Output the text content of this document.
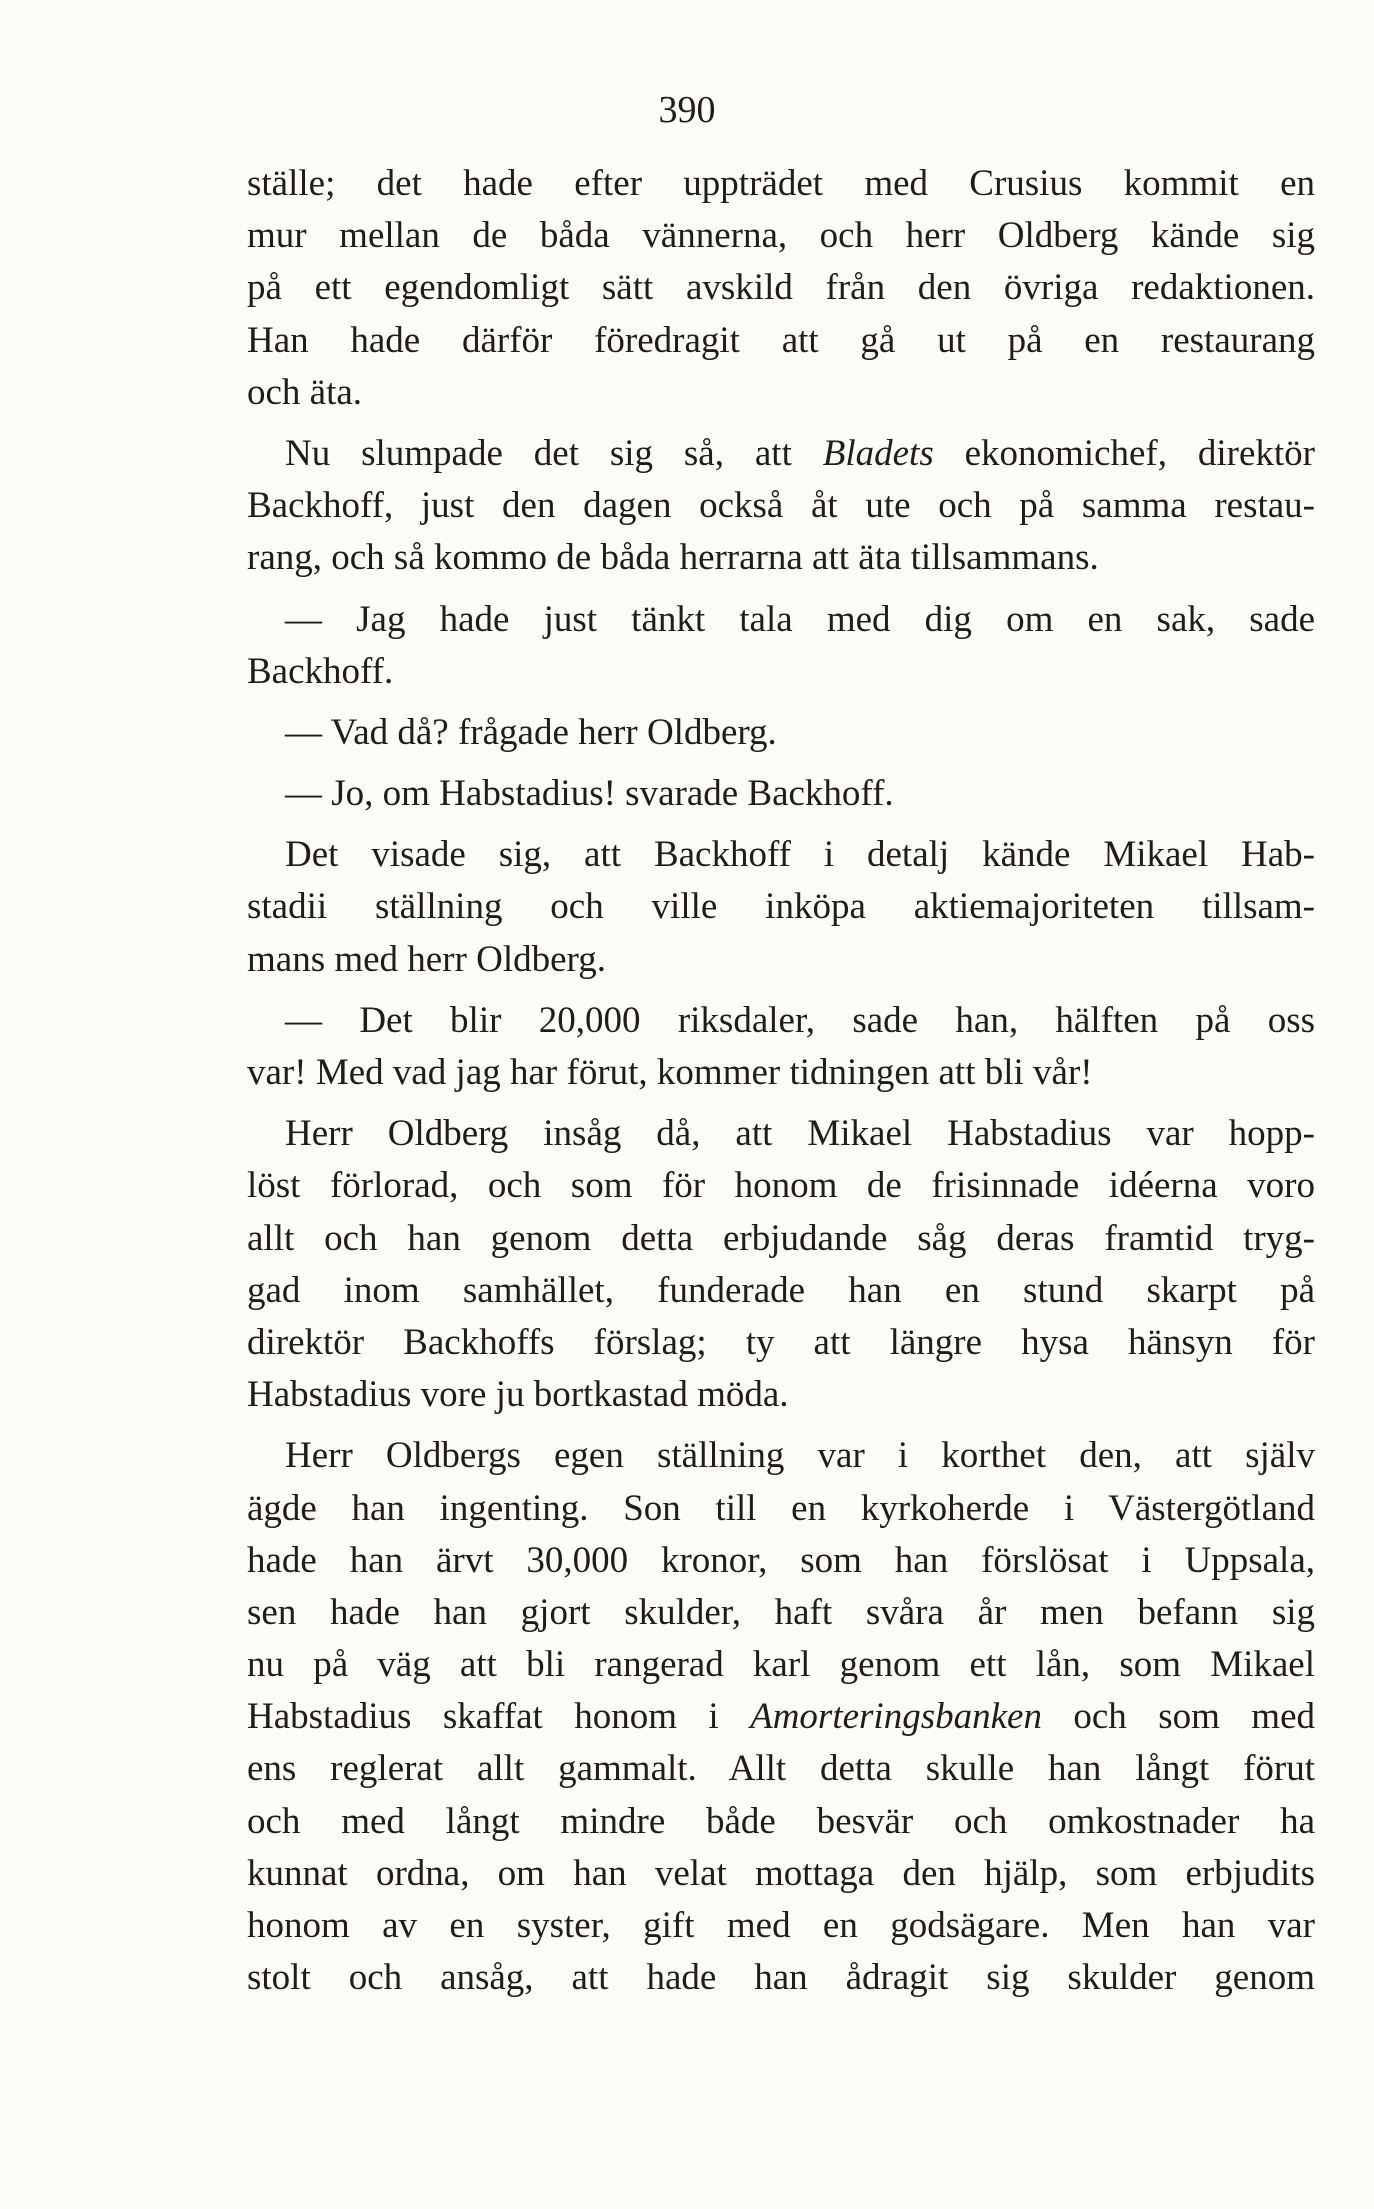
390
ställe; det hade efter uppträdet med Crusius kommit en
mur mellan de båda vännerna, och herr Oldberg kände sig
på ett egendomligt sätt avskild från den övriga redaktionen.
Han hade därför föredragit att gå ut på en restaurang
och äta.
Nu slumpade det sig så, att Bladets ekonomichef, direktör
Backhoff, just den dagen också åt ute och på samma restau-
rang, och så kommo de båda herrarna att äta tillsammans.
— Jag hade just tänkt tala med dig om en sak, sade
Backhoff.
— Vad då? frågade herr Oldberg.
— Jo, om Habstadius! svarade Backhoff.
Det visade sig, att Backhoff i detalj kände Mikael Hab-
stadii ställning och ville inköpa aktiemajoriteten tillsam-
mans med herr Oldberg.
— Det blir 20,000 riksdaler, sade han, hälften på oss
var! Med vad jag har förut, kommer tidningen att bli vår!
Herr Oldberg insåg då, att Mikael Habstadius var hopp-
löst förlorad, och som för honom de frisinnade idéerna voro
allt och han genom detta erbjudande såg deras framtid tryg-
gad inom samhället, funderade han en stund skarpt på
direktör Backhoffs förslag; ty att längre hysa hänsyn för
Habstadius vore ju bortkastad möda.
Herr Oldbergs egen ställning var i korthet den, att själv
ägde han ingenting. Son till en kyrkoherde i Västergötland
hade han ärvt 30,000 kronor, som han förslösat i Uppsala,
sen hade han gjort skulder, haft svåra år men befann sig
nu på väg att bli rangerad karl genom ett lån, som Mikael
Habstadius skaffat honom i Amorteringsbanken och som med
ens reglerat allt gammalt. Allt detta skulle han långt förut
och med långt mindre både besvär och omkostnader ha
kunnat ordna, om han velat mottaga den hjälp, som erbjudits
honom av en syster, gift med en godsägare. Men han var
stolt och ansåg, att hade han ådragit sig skulder genom
